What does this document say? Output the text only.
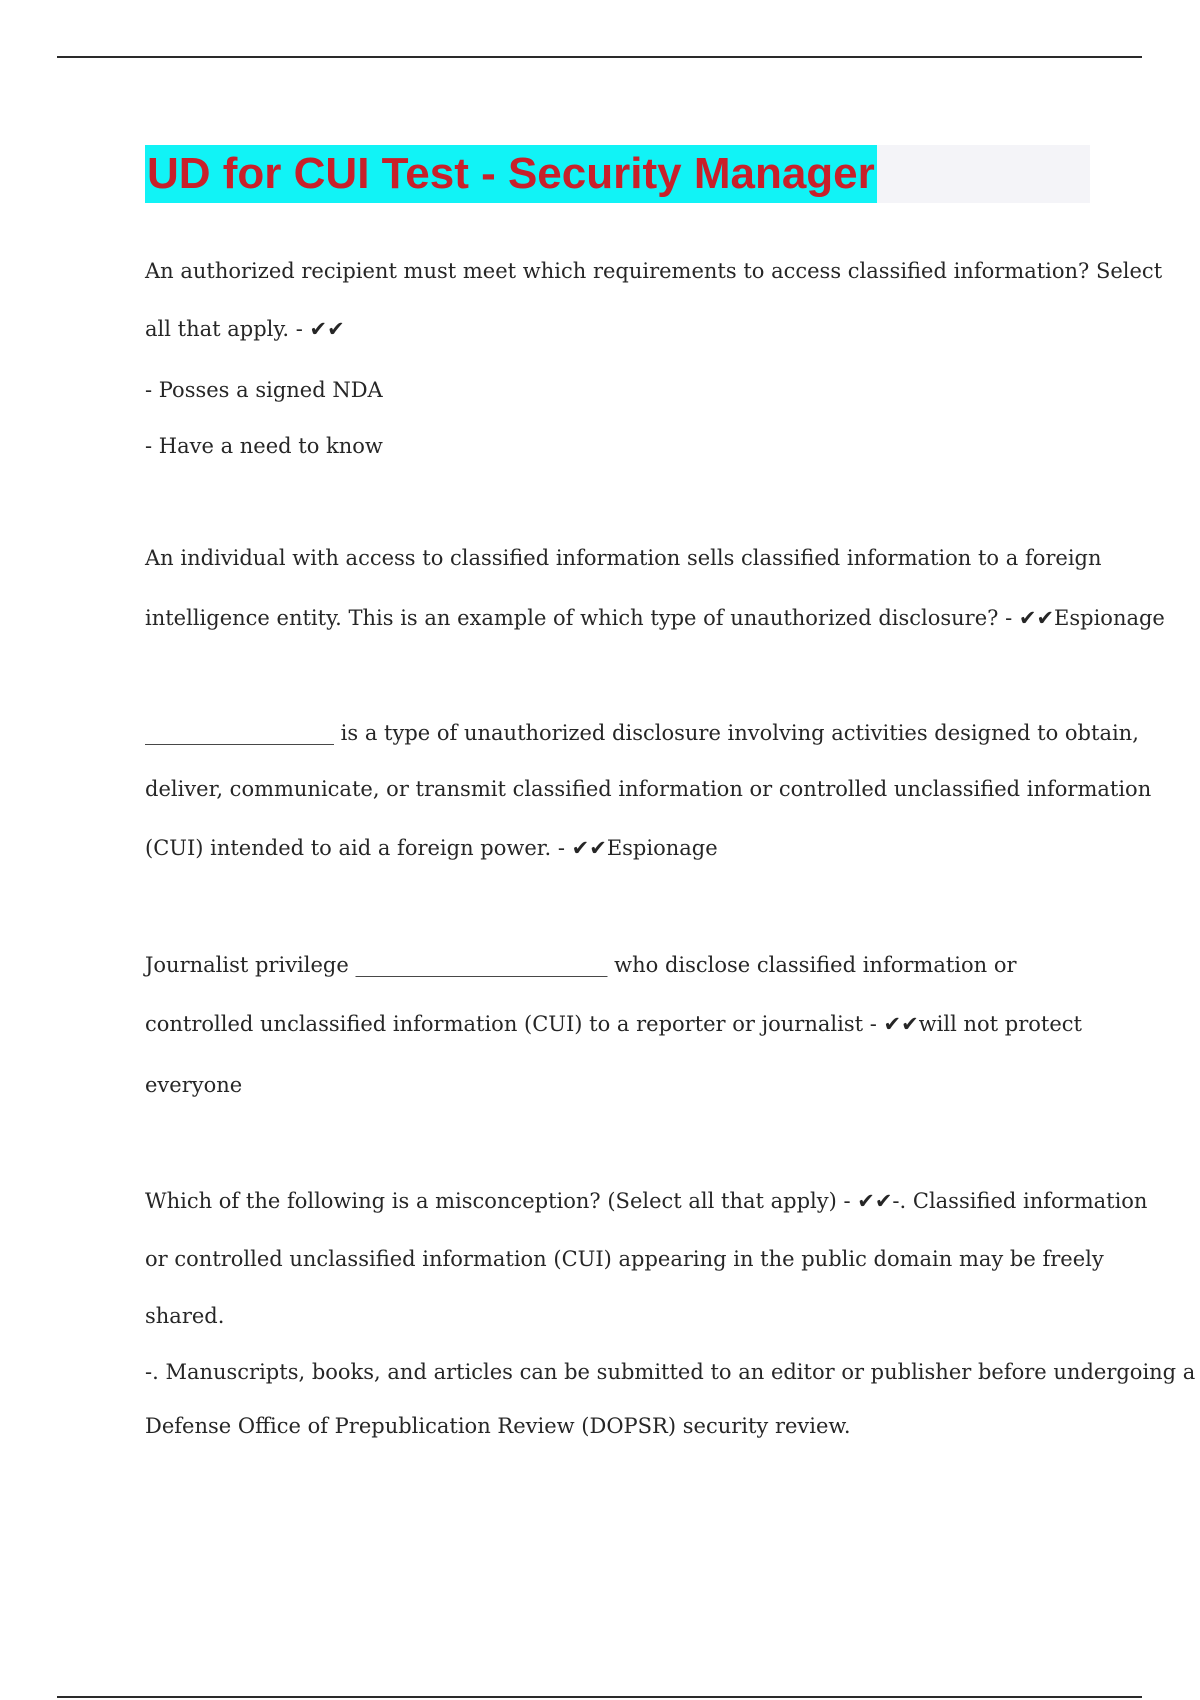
UD for CUI Test - Security Manager
An authorized recipient must meet which requirements to access classified information? Select
all that apply. - ✔✔
- Posses a signed NDA
- Have a need to know
An individual with access to classified information sells classified information to a foreign
intelligence entity. This is an example of which type of unauthorized disclosure? - ✔✔Espionage
__________________ is a type of unauthorized disclosure involving activities designed to obtain,
deliver, communicate, or transmit classified information or controlled unclassified information
(CUI) intended to aid a foreign power. - ✔✔Espionage
Journalist privilege ________________________ who disclose classified information or
controlled unclassified information (CUI) to a reporter or journalist - ✔✔will not protect
everyone
Which of the following is a misconception? (Select all that apply) - ✔✔-. Classified information
or controlled unclassified information (CUI) appearing in the public domain may be freely
shared.
-. Manuscripts, books, and articles can be submitted to an editor or publisher before undergoing a
Defense Office of Prepublication Review (DOPSR) security review.
